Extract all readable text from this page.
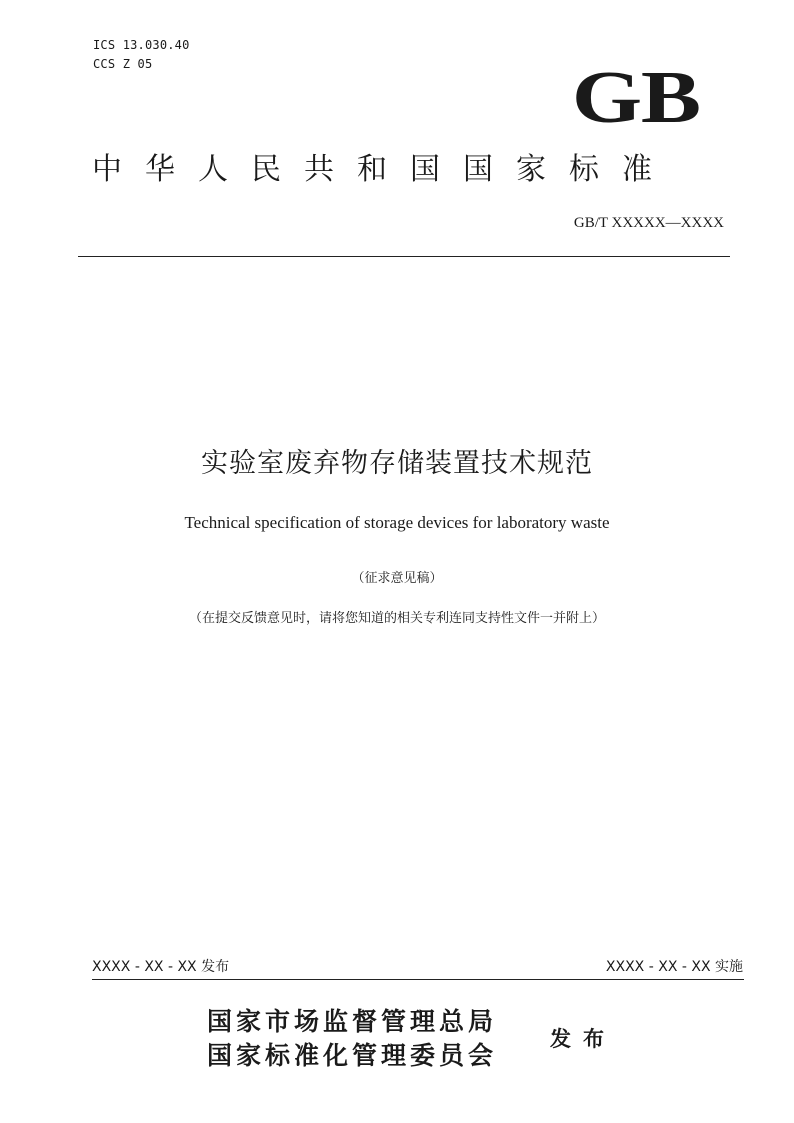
ICS 13.030.40
CCS Z 05	GB
中华人民共和国国家标准
GB/T XXXXX—XXXX
实验室废弃物存储装置技术规范
Technical specification of storage devices for laboratory waste
（征求意见稿）
（在提交反馈意见时，请将您知道的相关专利连同支持性文件一并附上）
XXXX - XX - XX 发布	XXXX - XX - XX 实施
国家市场监督管理总局
国家标准化管理委员会
发布
